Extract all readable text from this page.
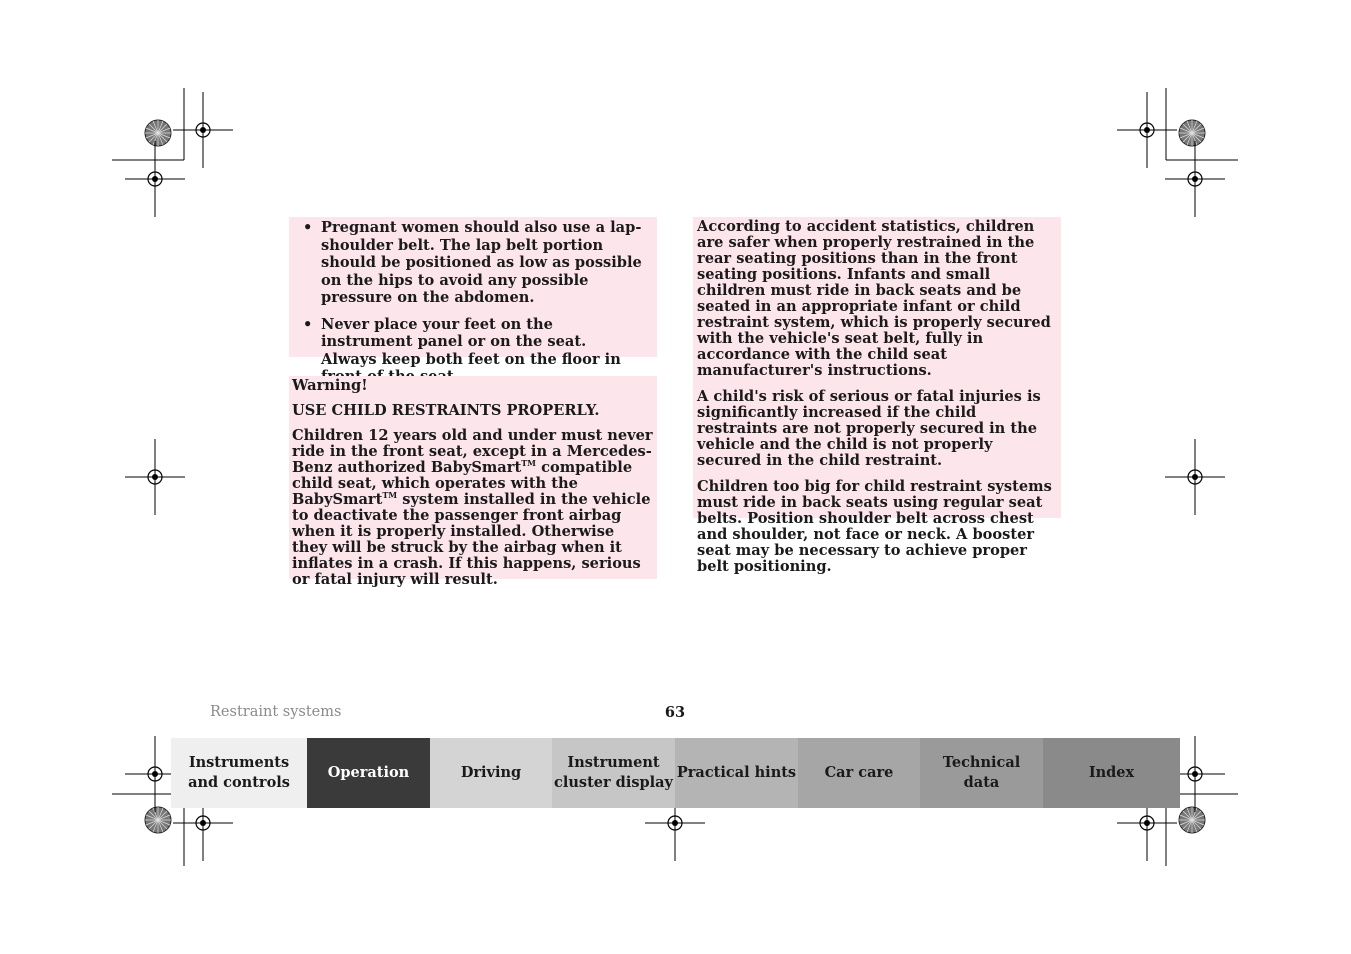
• Pregnant women should also use a lap-shoulder belt. The lap belt portion should be positioned as low as possible on the hips to avoid any possible pressure on the abdomen.
• Never place your feet on the instrument panel or on the seat. Always keep both feet on the floor in

Warning!

USE CHILD RESTRAINTS PROPERLY.

Children 12 years old and under must never ride in the front seat, except in a Mercedes-Benz authorized BabySmart™ compatible child seat, which operates with the BabySmart™ system installed in the vehicle to deactivate the passenger front airbag when it is properly installed. Otherwise they will be struck by the airbag when it inflates in a crash. If this happens, serious or fatal injury will result.

According to accident statistics, children are safer when properly restrained in the rear seating positions than in the front seating positions. Infants and small children must ride in back seats and be seated in an appropriate infant or child restraint system, which is properly secured with the vehicle's seat belt, fully in accordance with the child seat manufacturer's instructions.

A child's risk of serious or fatal injuries is significantly increased if the child restraints are not properly secured in the vehicle and the child is not properly secured in the child restraint.

Children too big for child restraint systems must ride in back seats using regular seat belts. Position shoulder belt across chest and shoulder, not face or neck. A booster seat may be necessary to achieve proper belt positioning.

Restraint systems	63
Instruments
and controls
Operation	Driving
Instrument
cluster display
Practical hints Car care
Technical
data
Index
